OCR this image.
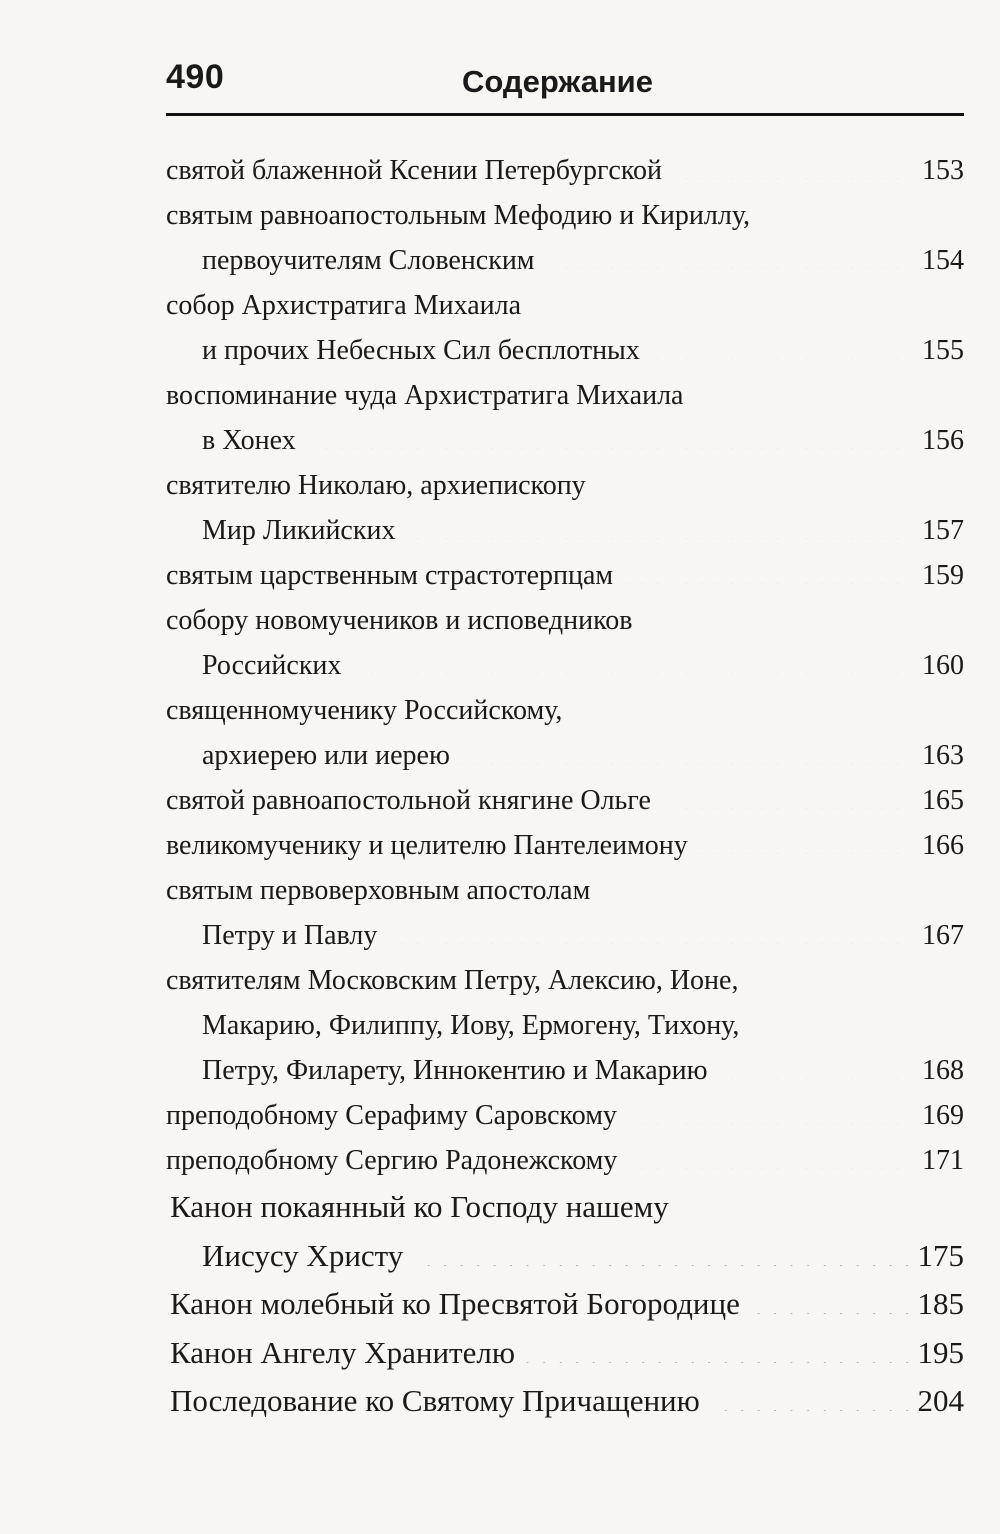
490	Содержание
святой блаженной Ксении Петербургской . . .	153
святым равноапостольным Мефодию и Кириллу,
первоучителям Словенским . . .	154
собор Архистратига Михаила
и прочих Небесных Сил бесплотных . . .	155
воспоминание чуда Архистратига Михаила
в Хонех . . .	156
святителю Николаю, архиепископу
Мир Ликийских . . .	157
святым царственным страстотерпцам . . .	159
собору новомучеников и исповедников
Российских . . .	160
священномученику Российскому,
архиерею или иерею . . .	163
святой равноапостольной княгине Ольге . . .	165
великомученику и целителю Пантелеимону . . .	166
святым первоверховным апостолам
Петру и Павлу . . .	167
святителям Московским Петру, Алексию, Ионе,
Макарию, Филиппу, Иову, Ермогену, Тихону,
Петру, Филарету, Иннокентию и Макарию . . .	168
преподобному Серафиму Саровскому . . .	169
преподобному Сергию Радонежскому . . .	171
Канон покаянный ко Господу нашему
Иисусу Христу . . .	175
Канон молебный ко Пресвятой Богородице . . .	185
Канон Ангелу Хранителю . . .	195
Последование ко Святому Причащению . . .	204
